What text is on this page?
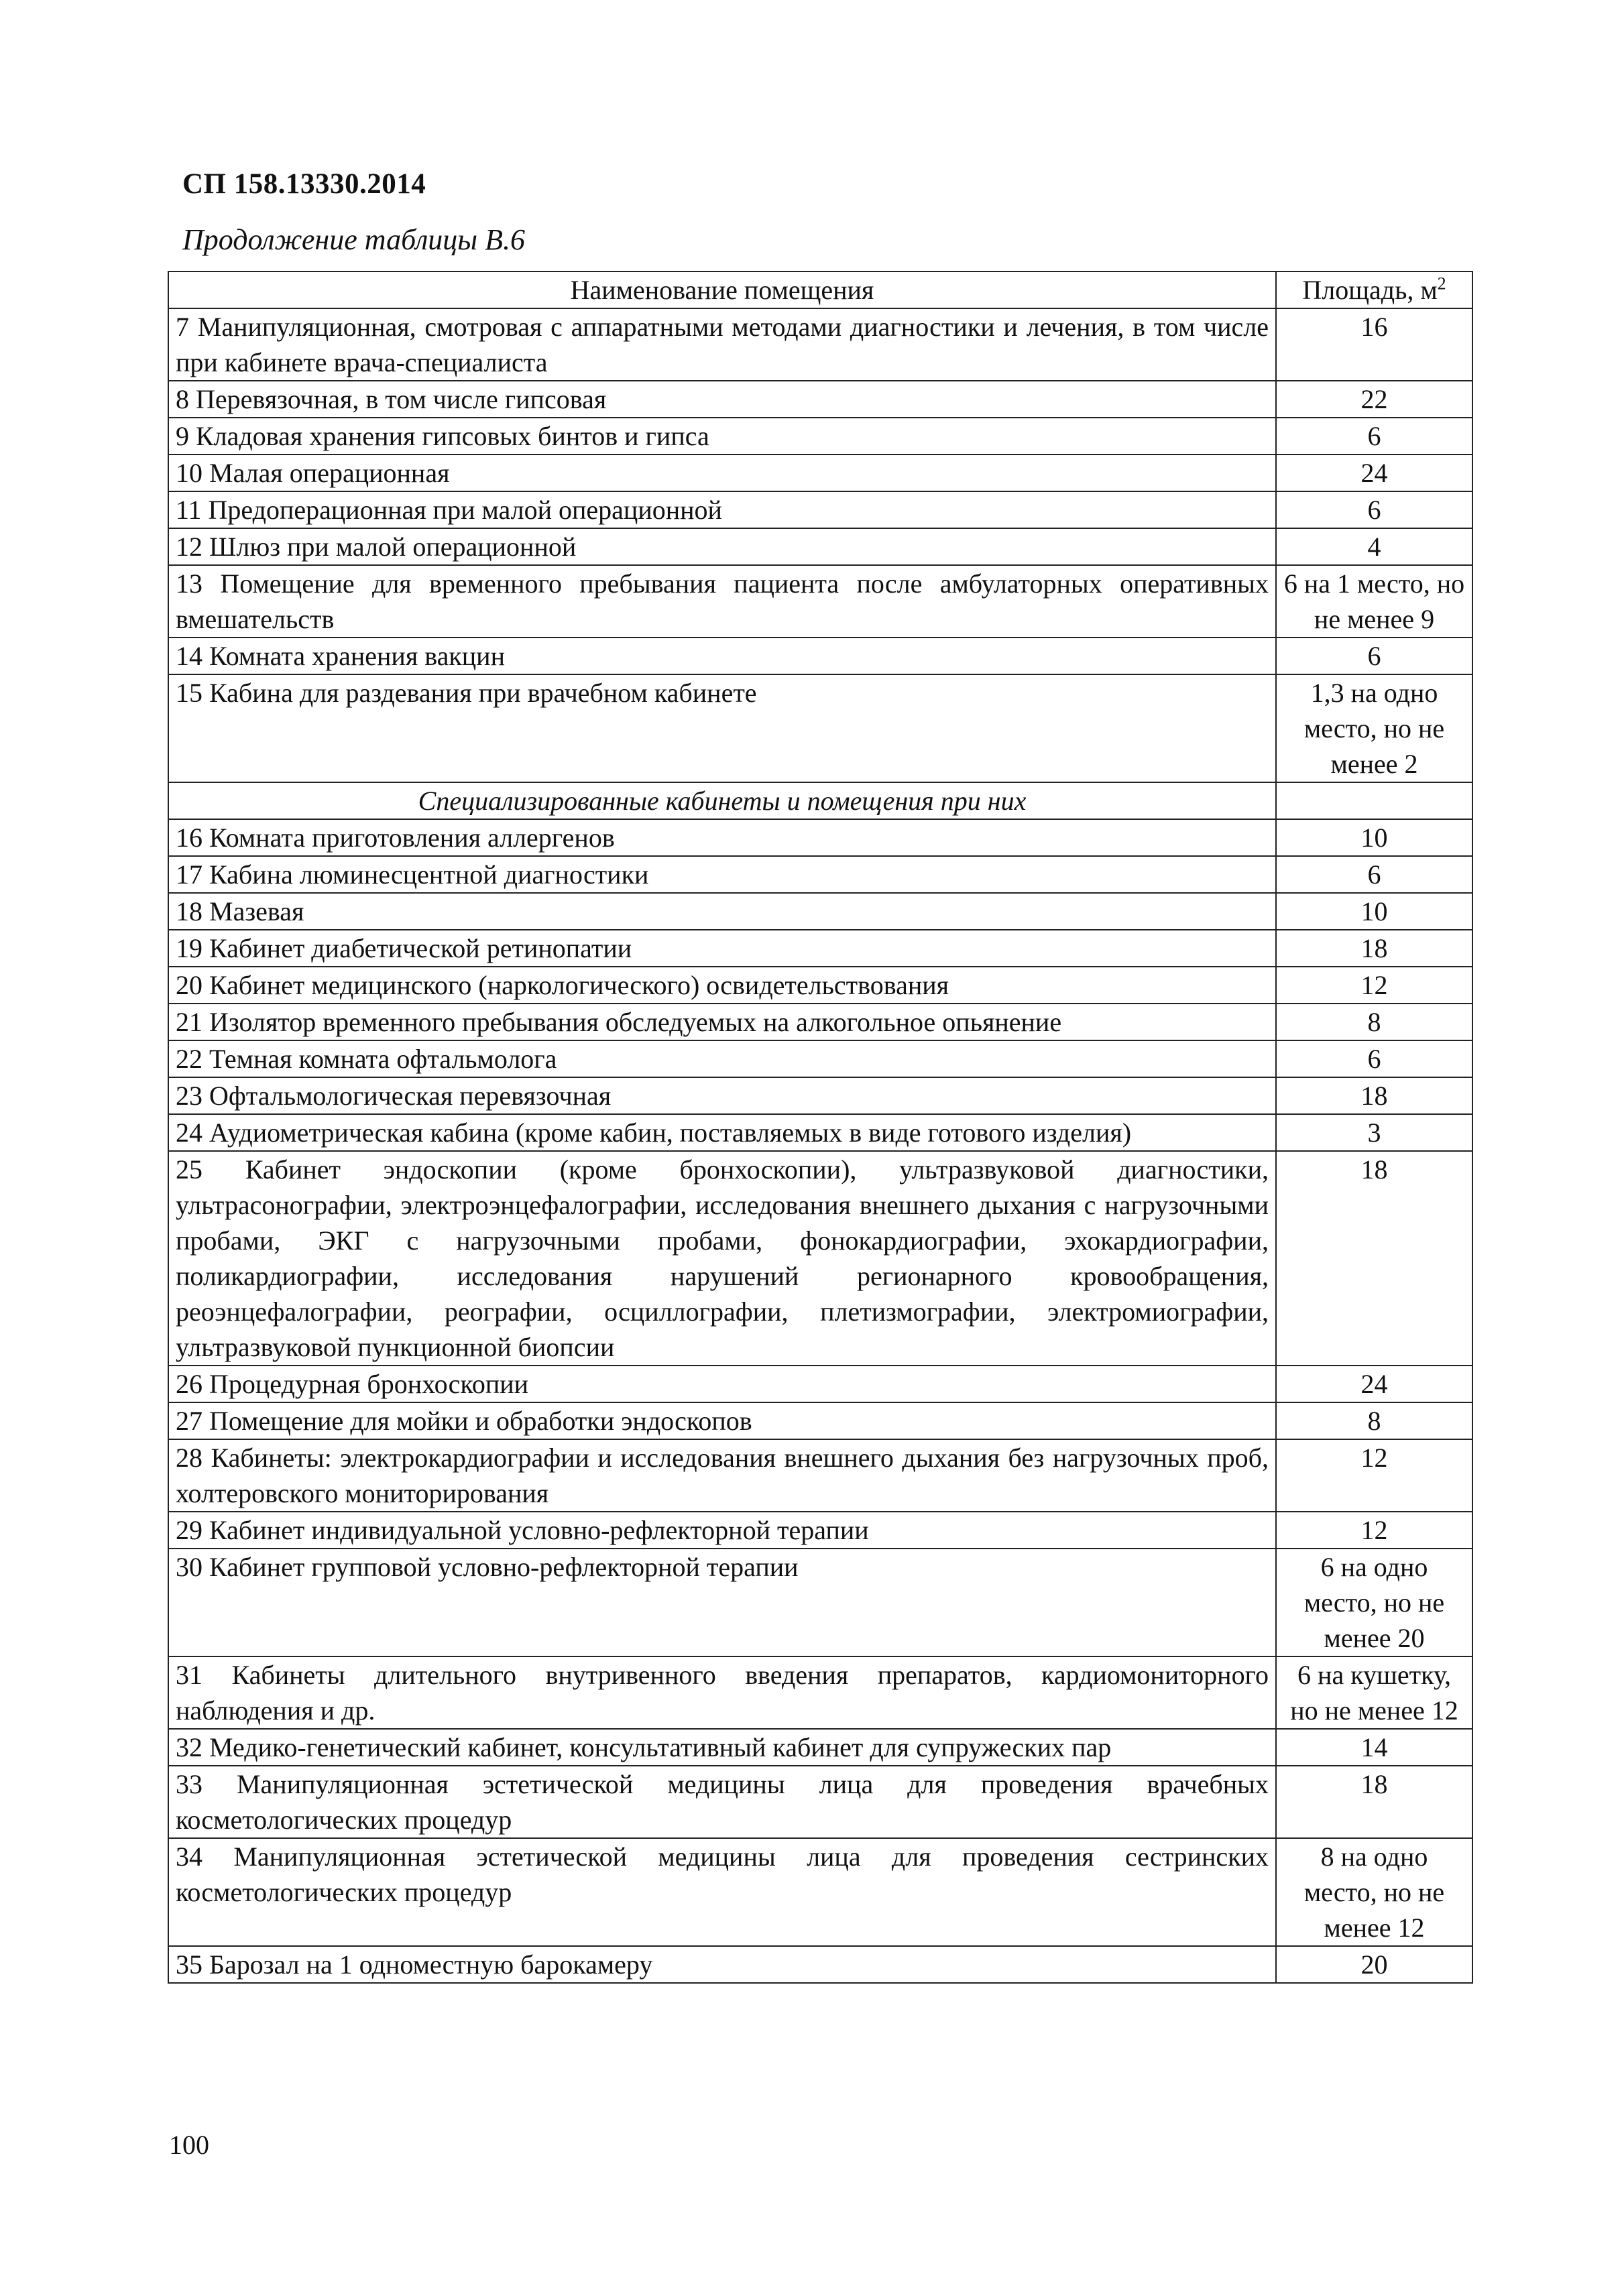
СП 158.13330.2014
Продолжение таблицы В.6
Наименование помещения	Площадь, $м^2$
7 Манипуляционная, смотровая с аппаратными методами диагностики и лечения, в том числе при кабинете врача-специалиста	16
8 Перевязочная, в том числе гипсовая	22
9 Кладовая хранения гипсовых бинтов и гипса	6
10 Малая операционная	24
11 Предоперационная при малой операционной	6
12 Шлюз при малой операционной	4
13 Помещение для временного пребывания пациента после амбулаторных оперативных вмешательств	6 на 1 место, но не менее 9
14 Комната хранения вакцин	6
15 Кабина для раздевания при врачебном кабинете	1,3 на одно место, но не менее 2
Специализированные кабинеты и помещения при них	
16 Комната приготовления аллергенов	10
17 Кабина люминесцентной диагностики	6
18 Мазевая	10
19 Кабинет диабетической ретинопатии	18
20 Кабинет медицинского (наркологического) освидетельствования	12
21 Изолятор временного пребывания обследуемых на алкогольное опьянение	8
22 Темная комната офтальмолога	6
23 Офтальмологическая перевязочная	18
24 Аудиометрическая кабина (кроме кабин, поставляемых в виде готового изделия)	3
25 Кабинет эндоскопии (кроме бронхоскопии), ультразвуковой диагностики, ультрасонографии, электроэнцефалографии, исследования внешнего дыхания с нагрузочными пробами, ЭКГ с нагрузочными пробами, фонокардиографии, эхокардиографии, поликардиографии, исследования нарушений регионарного кровообращения, реоэнцефалографии, реографии, осциллографии, плетизмографии, электромиографии, ультразвуковой пункционной биопсии	18
26 Процедурная бронхоскопии	24
27 Помещение для мойки и обработки эндоскопов	8
28 Кабинеты: электрокардиографии и исследования внешнего дыхания без нагрузочных проб, холтеровского мониторирования	12
29 Кабинет индивидуальной условно-рефлекторной терапии	12
30 Кабинет групповой условно-рефлекторной терапии	6 на одно место, но не менее 20
31 Кабинеты длительного внутривенного введения препаратов, кардиомониторного наблюдения и др.	6 на кушетку, но не менее 12
32 Медико-генетический кабинет, консультативный кабинет для супружеских пар	14
33 Манипуляционная эстетической медицины лица для проведения врачебных косметологических процедур	18
34 Манипуляционная эстетической медицины лица для проведения сестринских косметологических процедур	8 на одно место, но не менее 12
35 Барозал на 1 одноместную барокамеру	20
100
